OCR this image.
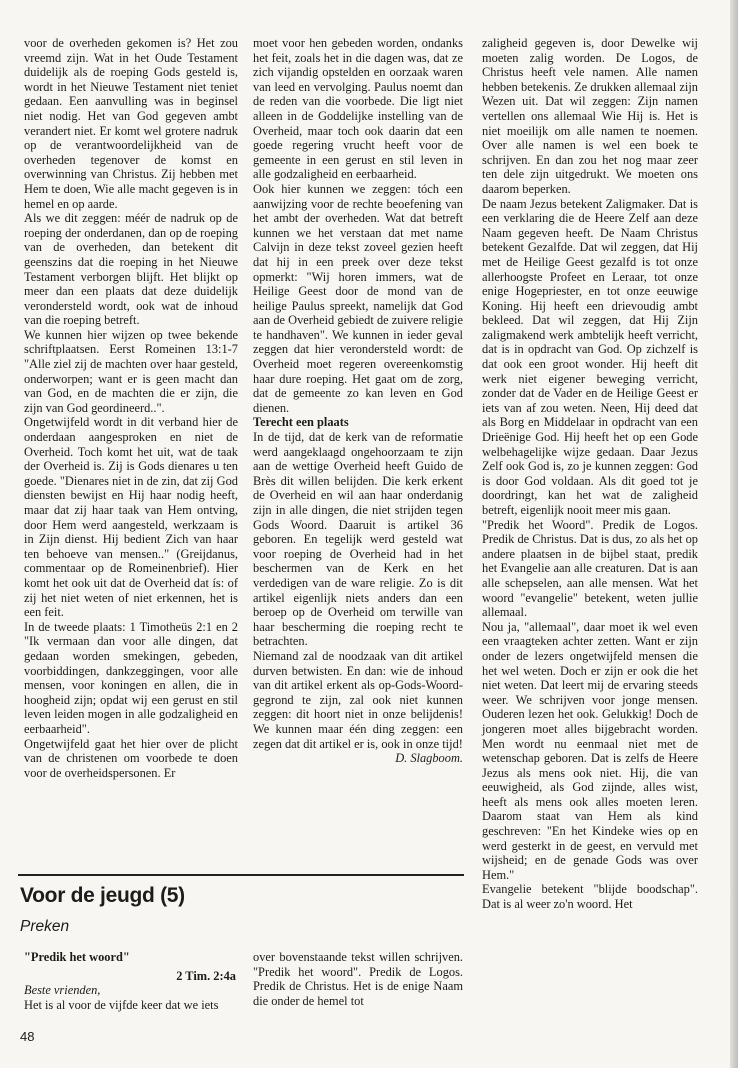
voor de overheden gekomen is? Het zou vreemd zijn. Wat in het Oude Testament duidelijk als de roeping Gods gesteld is, wordt in het Nieuwe Testament niet teniet gedaan. Een aanvulling was in beginsel niet nodig. Het van God gegeven ambt verandert niet. Er komt wel grotere nadruk op de verantwoordelijkheid van de overheden tegenover de komst en overwinning van Christus. Zij hebben met Hem te doen, Wie alle macht gegeven is in hemel en op aarde.

Als we dit zeggen: méér de nadruk op de roeping der onderdanen, dan op de roeping van de overheden, dan betekent dit geenszins dat die roeping in het Nieuwe Testament verborgen blijft. Het blijkt op meer dan een plaats dat deze duidelijk verondersteld wordt, ook wat de inhoud van die roeping betreft.

We kunnen hier wijzen op twee bekende schriftplaatsen. Eerst Romeinen 13:1-7 "Alle ziel zij de machten over haar gesteld, onderworpen; want er is geen macht dan van God, en de machten die er zijn, die zijn van God geordineerd..".

Ongetwijfeld wordt in dit verband hier de onderdaan aangesproken en niet de Overheid. Toch komt het uit, wat de taak der Overheid is. Zij is Gods dienares u ten goede. "Dienares niet in de zin, dat zij God diensten bewijst en Hij haar nodig heeft, maar dat zij haar taak van Hem ontving, door Hem werd aangesteld, werkzaam is in Zijn dienst. Hij bedient Zich van haar ten behoeve van mensen.." (Greijdanus, commentaar op de Romeinenbrief). Hier komt het ook uit dat de Overheid dat ís: of zij het niet weten of niet erkennen, het is een feit.

In de tweede plaats: 1 Timotheüs 2:1 en 2 "Ik vermaan dan voor alle dingen, dat gedaan worden smekingen, gebeden, voorbiddingen, dankzeggingen, voor alle mensen, voor koningen en allen, die in hoogheid zijn; opdat wij een gerust en stil leven leiden mogen in alle godzaligheid en eerbaarheid".

Ongetwijfeld gaat het hier over de plicht van de christenen om voorbede te doen voor de overheidspersonen. Er

moet voor hen gebeden worden, ondanks het feit, zoals het in die dagen was, dat ze zich vijandig opstelden en oorzaak waren van leed en vervolging. Paulus noemt dan de reden van die voorbede. Die ligt niet alleen in de Goddelijke instelling van de Overheid, maar toch ook daarin dat een goede regering vrucht heeft voor de gemeente in een gerust en stil leven in alle godzaligheid en eerbaarheid.

Ook hier kunnen we zeggen: tóch een aanwijzing voor de rechte beoefening van het ambt der overheden. Wat dat betreft kunnen we het verstaan dat met name Calvijn in deze tekst zoveel gezien heeft dat hij in een preek over deze tekst opmerkt: "Wij horen immers, wat de Heilige Geest door de mond van de heilige Paulus spreekt, namelijk dat God aan de Overheid gebiedt de zuivere religie te handhaven". We kunnen in ieder geval zeggen dat hier verondersteld wordt: de Overheid moet regeren overeenkomstig haar dure roeping. Het gaat om de zorg, dat de gemeente zo kan leven en God dienen.

Terecht een plaats

In de tijd, dat de kerk van de reformatie werd aangeklaagd ongehoorzaam te zijn aan de wettige Overheid heeft Guido de Brès dit willen belijden. Die kerk erkent de Overheid en wil aan haar onderdanig zijn in alle dingen, die niet strijden tegen Gods Woord. Daaruit is artikel 36 geboren. En tegelijk werd gesteld wat voor roeping de Overheid had in het beschermen van de Kerk en het verdedigen van de ware religie. Zo is dit artikel eigenlijk niets anders dan een beroep op de Overheid om terwille van haar bescherming die roeping recht te betrachten.

Niemand zal de noodzaak van dit artikel durven betwisten. En dan: wie de inhoud van dit artikel erkent als op-Gods-Woord-gegrond te zijn, zal ook niet kunnen zeggen: dit hoort niet in onze belijdenis! We kunnen maar één ding zeggen: een zegen dat dit artikel er is, ook in onze tijd!

D. Slagboom.

zaligheid gegeven is, door Dewelke wij moeten zalig worden. De Logos, de Christus heeft vele namen. Alle namen hebben betekenis. Ze drukken allemaal zijn Wezen uit. Dat wil zeggen: Zijn namen vertellen ons allemaal Wie Hij is. Het is niet moeilijk om alle namen te noemen. Over alle namen is wel een boek te schrijven. En dan zou het nog maar zeer ten dele zijn uitgedrukt. We moeten ons daarom beperken.

De naam Jezus betekent Zaligmaker. Dat is een verklaring die de Heere Zelf aan deze Naam gegeven heeft. De Naam Christus betekent Gezalfde. Dat wil zeggen, dat Hij met de Heilige Geest gezalfd is tot onze allerhoogste Profeet en Leraar, tot onze enige Hogepriester, en tot onze eeuwige Koning. Hij heeft een drievoudig ambt bekleed. Dat wil zeggen, dat Hij Zijn zaligmakend werk ambtelijk heeft verricht, dat is in opdracht van God. Op zichzelf is dat ook een groot wonder. Hij heeft dit werk niet eigener beweging verricht, zonder dat de Vader en de Heilige Geest er iets van af zou weten. Neen, Hij deed dat als Borg en Middelaar in opdracht van een Drieënige God. Hij heeft het op een Gode welbehagelijke wijze gedaan. Daar Jezus Zelf ook God is, zo je kunnen zeggen: God is door God voldaan. Als dit goed tot je doordringt, kan het wat de zaligheid betreft, eigenlijk nooit meer mis gaan.

"Predik het Woord". Predik de Logos. Predik de Christus. Dat is dus, zo als het op andere plaatsen in de bijbel staat, predik het Evangelie aan alle creaturen. Dat is aan alle schepselen, aan alle mensen. Wat het woord "evangelie" betekent, weten jullie allemaal.

Nou ja, "allemaal", daar moet ik wel even een vraagteken achter zetten. Want er zijn onder de lezers ongetwijfeld mensen die het wel weten. Doch er zijn er ook die het niet weten. Dat leert mij de ervaring steeds weer. We schrijven voor jonge mensen. Ouderen lezen het ook. Gelukkig! Doch de jongeren moet alles bijgebracht worden. Men wordt nu eenmaal niet met de wetenschap geboren. Dat is zelfs de Heere Jezus als mens ook niet. Hij, die van eeuwigheid, als God zijnde, alles wist, heeft als mens ook alles moeten leren. Daarom staat van Hem als kind geschreven: "En het Kindeke wies op en werd gesterkt in de geest, en vervuld met wijsheid; en de genade Gods was over Hem."

Evangelie betekent "blijde boodschap". Dat is al weer zo'n woord. Het

Voor de jeugd (5)
Preken

"Predik het woord"

2 Tim. 2:4a

Beste vrienden,

Het is al voor de vijfde keer dat we iets

over bovenstaande tekst willen schrijven. "Predik het woord". Predik de Logos. Predik de Christus. Het is de enige Naam die onder de hemel tot

48
